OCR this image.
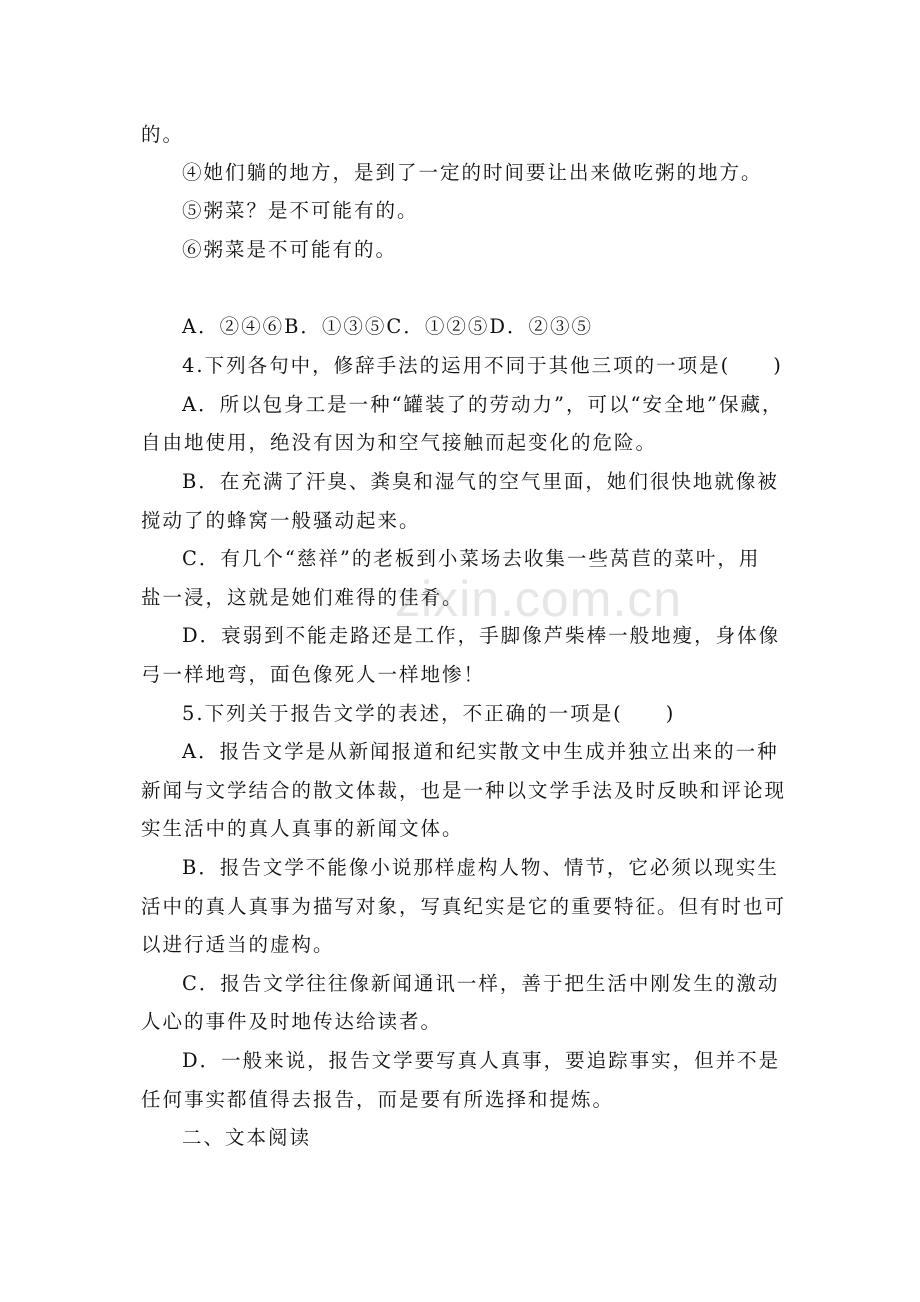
zixin.com.cn
的。
④她们躺的地方，是到了一定的时间要让出来做吃粥的地方。
⑤粥菜？是不可能有的。
⑥粥菜是不可能有的。
A．②④⑥B．①③⑤C．①②⑤D．②③⑤
4.下列各句中，修辞手法的运用不同于其他三项的一项是(　　)
A．所以包身工是一种“罐装了的劳动力”，可以“安全地”保藏，
自由地使用，绝没有因为和空气接触而起变化的危险。
B．在充满了汗臭、粪臭和湿气的空气里面，她们很快地就像被
搅动了的蜂窝一般骚动起来。
C．有几个“慈祥”的老板到小菜场去收集一些莴苣的菜叶，用
盐一浸，这就是她们难得的佳肴。
D．衰弱到不能走路还是工作，手脚像芦柴棒一般地瘦，身体像
弓一样地弯，面色像死人一样地惨！
5.下列关于报告文学的表述，不正确的一项是(　　)
A．报告文学是从新闻报道和纪实散文中生成并独立出来的一种
新闻与文学结合的散文体裁，也是一种以文学手法及时反映和评论现
实生活中的真人真事的新闻文体。
B．报告文学不能像小说那样虚构人物、情节，它必须以现实生
活中的真人真事为描写对象，写真纪实是它的重要特征。但有时也可
以进行适当的虚构。
C．报告文学往往像新闻通讯一样，善于把生活中刚发生的激动
人心的事件及时地传达给读者。
D．一般来说，报告文学要写真人真事，要追踪事实，但并不是
任何事实都值得去报告，而是要有所选择和提炼。
二、文本阅读
